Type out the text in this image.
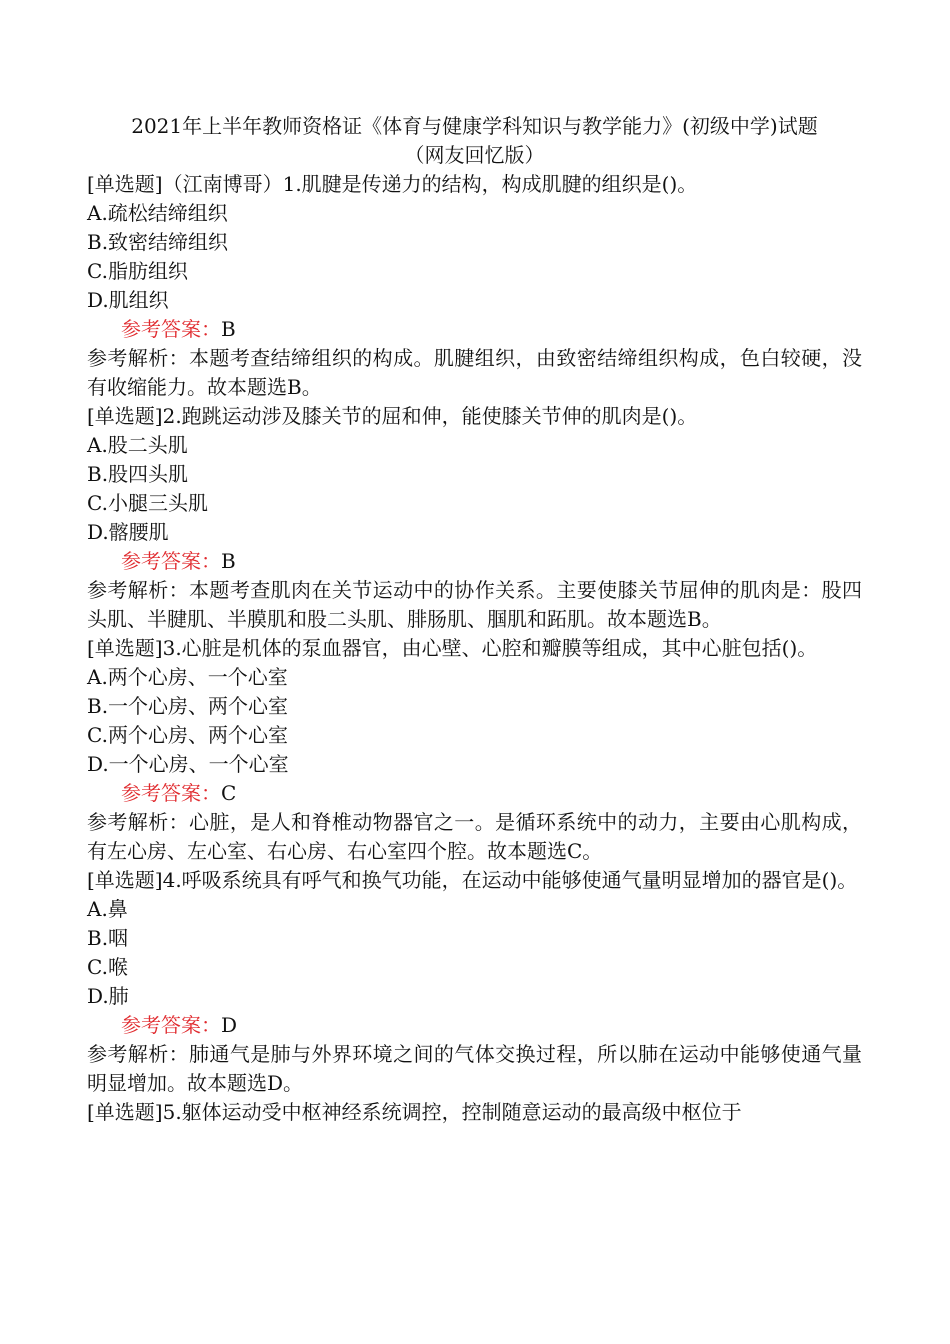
2021年上半年教师资格证《体育与健康学科知识与教学能力》(初级中学)试题
（网友回忆版）

[单选题]（江南博哥）1.肌腱是传递力的结构，构成肌腱的组织是()。

A.疏松结缔组织

B.致密结缔组织

C.脂肪组织

D.肌组织

参考答案：B

参考解析：本题考查结缔组织的构成。肌腱组织，由致密结缔组织构成，色白较硬，没有收缩能力。故本题选B。

[单选题]2.跑跳运动涉及膝关节的屈和伸，能使膝关节伸的肌肉是()。

A.股二头肌

B.股四头肌

C.小腿三头肌

D.髂腰肌

参考答案：B

参考解析：本题考查肌肉在关节运动中的协作关系。主要使膝关节屈伸的肌肉是：股四头肌、半腱肌、半膜肌和股二头肌、腓肠肌、腘肌和跖肌。故本题选B。

[单选题]3.心脏是机体的泵血器官，由心壁、心腔和瓣膜等组成，其中心脏包括()。

A.两个心房、一个心室

B.一个心房、两个心室

C.两个心房、两个心室

D.一个心房、一个心室

参考答案：C

参考解析：心脏，是人和脊椎动物器官之一。是循环系统中的动力，主要由心肌构成，有左心房、左心室、右心房、右心室四个腔。故本题选C。

[单选题]4.呼吸系统具有呼气和换气功能，在运动中能够使通气量明显增加的器官是()。

A.鼻

B.咽

C.喉

D.肺

参考答案：D

参考解析：肺通气是肺与外界环境之间的气体交换过程，所以肺在运动中能够使通气量明显增加。故本题选D。

[单选题]5.躯体运动受中枢神经系统调控，控制随意运动的最高级中枢位于
